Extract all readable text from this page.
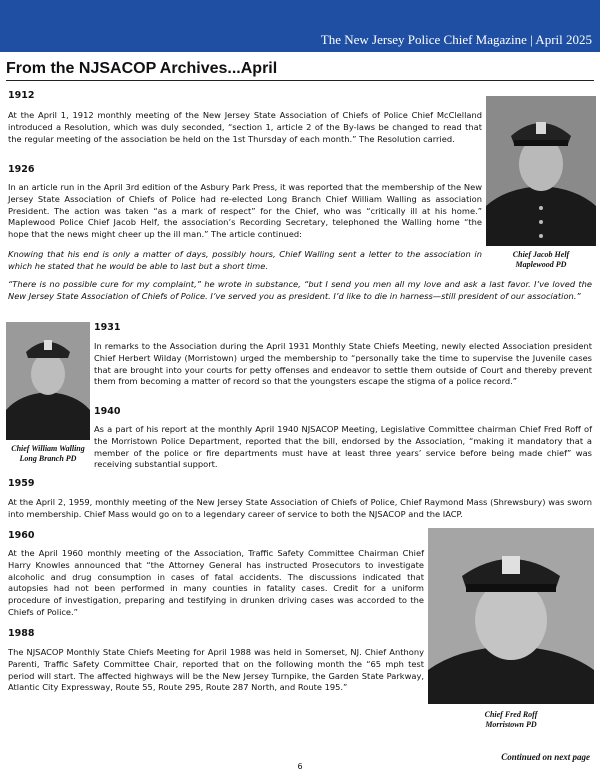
The New Jersey Police Chief Magazine | April 2025
From the NJSACOP Archives...April
1912
At the April 1, 1912 monthly meeting of the New Jersey State Association of Chiefs of Police Chief McClelland introduced a Resolution, which was duly seconded, “section 1, article 2 of the By-laws be changed to read that the regular meeting of the association be held on the 1st Thursday of each month.” The Resolution carried.
1926
In an article run in the April 3rd edition of the Asbury Park Press, it was reported that the membership of the New Jersey State Association of Chiefs of Police had re-elected Long Branch Chief William Walling as association President. The action was taken “as a mark of respect” for the Chief, who was “critically ill at his home.” Maplewood Police Chief Jacob Helf, the association’s Recording Secretary, telephoned the Walling home “the hope that the news might cheer up the ill man.” The article continued:
Knowing that his end is only a matter of days, possibly hours, Chief Walling sent a letter to the association in which he stated that he would be able to last but a short time.
“There is no possible cure for my complaint,” he wrote in substance, “but I send you men all my love and ask a last favor. I’ve loved the New Jersey State Association of Chiefs of Police. I’ve served you as president. I’d like to die in harness—still president of our association.”
Chief Jacob Helf
Maplewood PD
Chief William Walling
Long Branch PD
1931
In remarks to the Association during the April 1931 Monthly State Chiefs Meeting, newly elected Association president Chief Herbert Wilday (Morristown) urged the membership to “personally take the time to supervise the Juvenile cases that are brought into your courts for petty offenses and endeavor to settle them outside of Court and thereby prevent them from becoming a matter of record so that the youngsters escape the stigma of a police record.”
1940
As a part of his report at the monthly April 1940 NJSACOP Meeting, Legislative Committee chairman Chief Fred Roff of the Morristown Police Department, reported that the bill, endorsed by the Association, “making it mandatory that a member of the police or fire departments must have at least three years’ service before being made chief” was receiving substantial support.
1959
At the April 2, 1959, monthly meeting of the New Jersey State Association of Chiefs of Police, Chief Raymond Mass (Shrewsbury) was sworn into membership. Chief Mass would go on to a legendary career of service to both the NJSACOP and the IACP.
1960
At the April 1960 monthly meeting of the Association, Traffic Safety Committee Chairman Chief Harry Knowles announced that “the Attorney General has instructed Prosecutors to investigate alcoholic and drug consumption in cases of fatal accidents. The discussions indicated that autopsies had not been performed in many counties in fatality cases. Credit for a uniform procedure of investigation, preparing and testifying in drunken driving cases was accorded to the Chiefs of Police.”
Chief Fred Roff
Morristown PD
1988
The NJSACOP Monthly State Chiefs Meeting for April 1988 was held in Somerset, NJ. Chief Anthony Parenti, Traffic Safety Committee Chair, reported that on the following month the “65 mph test period will start. The affected highways will be the New Jersey Turnpike, the Garden State Parkway, Atlantic City Expressway, Route 55, Route 295, Route 287 North, and Route 195.”
Continued on next page
6
